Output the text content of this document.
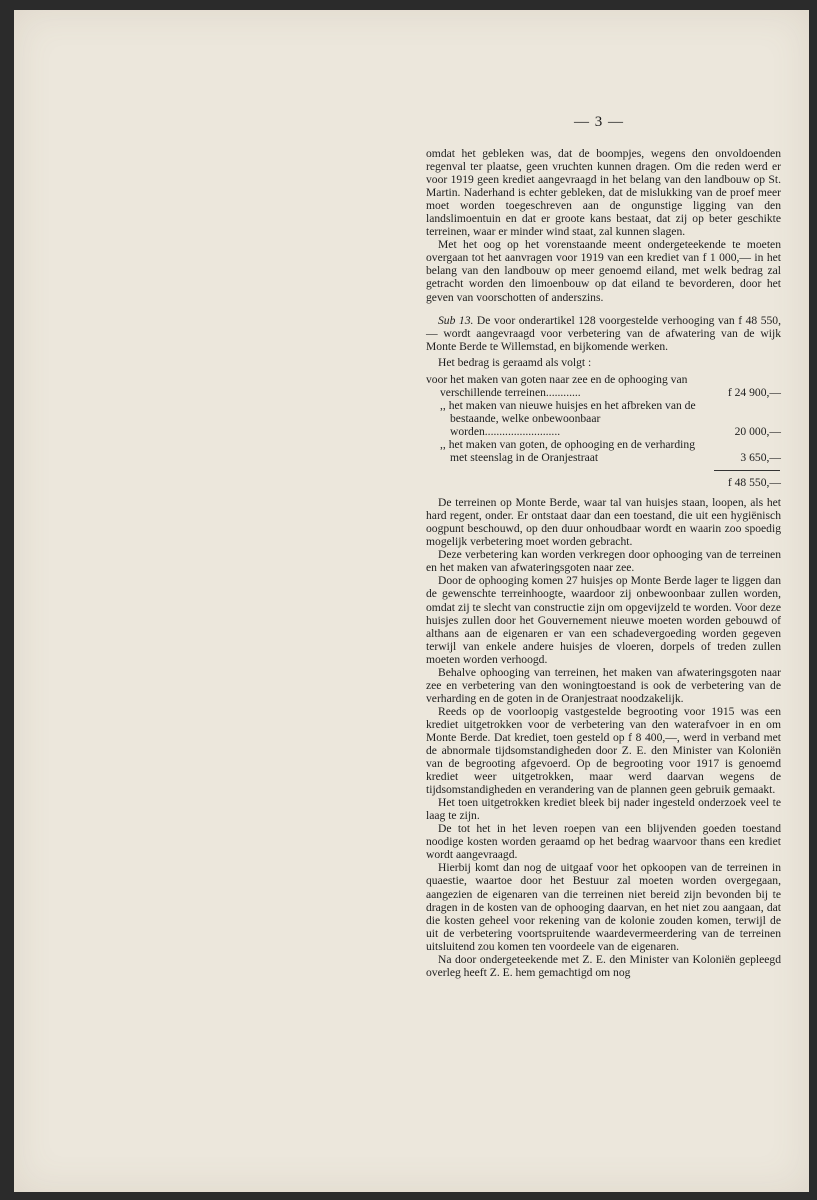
— 3 —

omdat het gebleken was, dat de boompjes, wegens den onvoldoenden regenval ter plaatse, geen vruchten kunnen dragen. Om die reden werd er voor 1919 geen krediet aangevraagd in het belang van den landbouw op St. Martin. Naderhand is echter gebleken, dat de mislukking van de proef meer moet worden toegeschreven aan de ongunstige ligging van den landslimoentuin en dat er groote kans bestaat, dat zij op beter geschikte terreinen, waar er minder wind staat, zal kunnen slagen.

Met het oog op het vorenstaande meent ondergeteekende te moeten overgaan tot het aanvragen voor 1919 van een krediet van f 1 000,— in het belang van den landbouw op meer genoemd eiland, met welk bedrag zal getracht worden den limoenbouw op dat eiland te bevorderen, door het geven van voorschotten of anderszins.

Sub 13. De voor onderartikel 128 voorgestelde verhooging van f 48 550,— wordt aangevraagd voor verbetering van de afwatering van de wijk Monte Berde te Willemstad, en bijkomende werken.

Het bedrag is geraamd als volgt :

voor het maken van goten naar zee en de ophooging van verschillende terreinen............	f 24 900,—
,, het maken van nieuwe huisjes en het afbreken van de bestaande, welke onbewoonbaar worden..........................	20 000,—
,, het maken van goten, de ophooging en de verharding met steenslag in de Oranjestraat	3 650,—
f 48 550,—

De terreinen op Monte Berde, waar tal van huisjes staan, loopen, als het hard regent, onder. Er ontstaat daar dan een toestand, die uit een hygiënisch oogpunt beschouwd, op den duur onhoudbaar wordt en waarin zoo spoedig mogelijk verbetering moet worden gebracht.

Deze verbetering kan worden verkregen door ophooging van de terreinen en het maken van afwateringsgoten naar zee.

Door de ophooging komen 27 huisjes op Monte Berde lager te liggen dan de gewenschte terreinhoogte, waardoor zij onbewoonbaar zullen worden, omdat zij te slecht van constructie zijn om opgevijzeld te worden. Voor deze huisjes zullen door het Gouvernement nieuwe moeten worden gebouwd of althans aan de eigenaren er van een schadevergoeding worden gegeven terwijl van enkele andere huisjes de vloeren, dorpels of treden zullen moeten worden verhoogd.

Behalve ophooging van terreinen, het maken van afwateringsgoten naar zee en verbetering van den woningtoestand is ook de verbetering van de verharding en de goten in de Oranjestraat noodzakelijk.

Reeds op de voorloopig vastgestelde begrooting voor 1915 was een krediet uitgetrokken voor de verbetering van den waterafvoer in en om Monte Berde. Dat krediet, toen gesteld op f 8 400,—, werd in verband met de abnormale tijdsomstandigheden door Z. E. den Minister van Koloniën van de begrooting afgevoerd. Op de begrooting voor 1917 is genoemd krediet weer uitgetrokken, maar werd daarvan wegens de tijdsomstandigheden en verandering van de plannen geen gebruik gemaakt.

Het toen uitgetrokken krediet bleek bij nader ingesteld onderzoek veel te laag te zijn.

De tot het in het leven roepen van een blijvenden goeden toestand noodige kosten worden geraamd op het bedrag waarvoor thans een krediet wordt aangevraagd.

Hierbij komt dan nog de uitgaaf voor het opkoopen van de terreinen in quaestie, waartoe door het Bestuur zal moeten worden overgegaan, aangezien de eigenaren van die terreinen niet bereid zijn bevonden bij te dragen in de kosten van de ophooging daarvan, en het niet zou aangaan, dat die kosten geheel voor rekening van de kolonie zouden komen, terwijl de uit de verbetering voortspruitende waardevermeerdering van de terreinen uitsluitend zou komen ten voordeele van de eigenaren.

Na door ondergeteekende met Z. E. den Minister van Koloniën gepleegd overleg heeft Z. E. hem gemachtigd om nog
